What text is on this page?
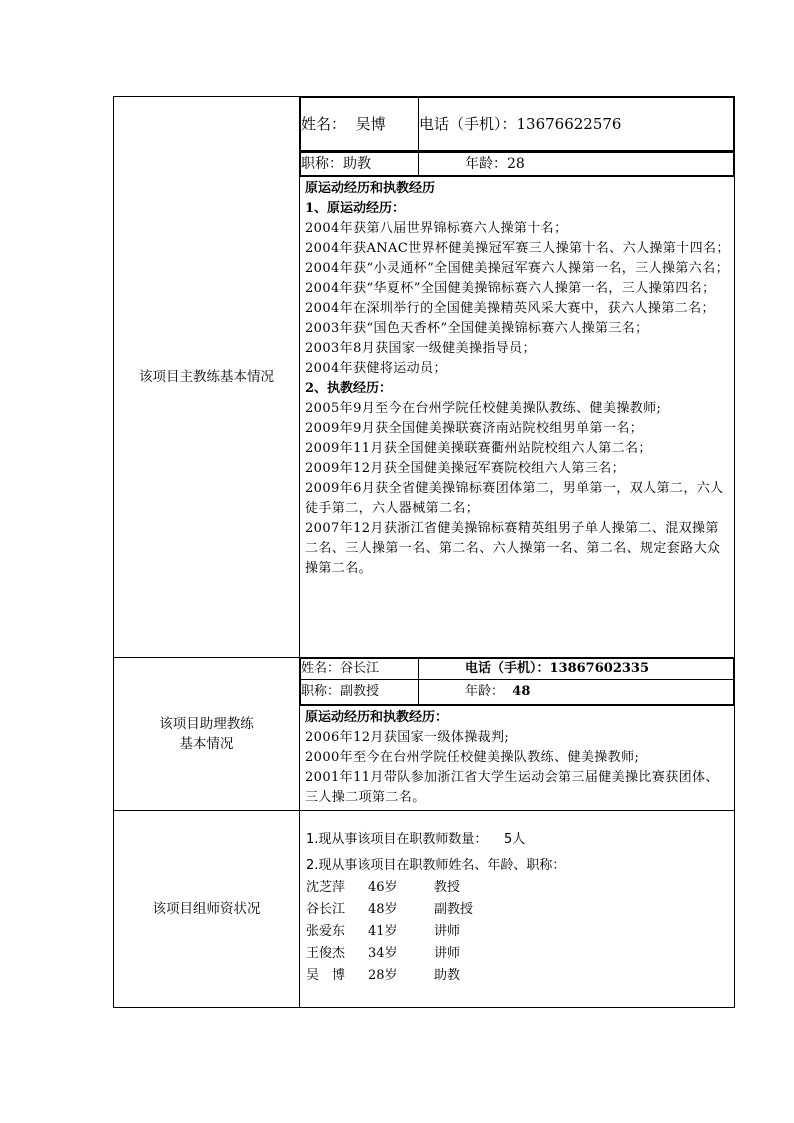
该项目主教练基本情况	
姓名： 吴博	电话（手机）：13676622576

职称：助教	年龄：28

原运动经历和执教经历
1、原运动经历：
2004年获第八届世界锦标赛六人操第十名；
2004年获ANAC世界杯健美操冠军赛三人操第十名、六人操第十四名；
2004年获“小灵通杯”全国健美操冠军赛六人操第一名，三人操第六名；
2004年获“华夏杯”全国健美操锦标赛六人操第一名，三人操第四名；
2004年在深圳举行的全国健美操精英风采大赛中，获六人操第二名；
2003年获“国色天香杯”全国健美操锦标赛六人操第三名；
2003年8月获国家一级健美操指导员；
2004年获健将运动员；
2、执教经历：
2005年9月至今在台州学院任校健美操队教练、健美操教师;
2009年9月获全国健美操联赛济南站院校组男单第一名；
2009年11月获全国健美操联赛衢州站院校组六人第二名；
2009年12月获全国健美操冠军赛院校组六人第三名；
2009年6月获全省健美操锦标赛团体第二，男单第一，双人第二，六人徒手第二，六人器械第二名；
2007年12月获浙江省健美操锦标赛精英组男子单人操第二、混双操第二名、三人操第一名、第二名、六人操第一名、第二名、规定套路大众操第二名。

该项目助理教练
基本情况

姓名：谷长江	电话（手机）：13867602335
职称：副教授	年龄： 48

原运动经历和执教经历：
2006年12月获国家一级体操裁判;
2000年至今在台州学院任校健美操队教练、健美操教师;
2001年11月带队参加浙江省大学生运动会第三届健美操比赛获团体、三人操二项第二名。

该项目组师资状况	
1.现从事该项目在职教师数量： 5人
2.现从事该项目在职教师姓名、年龄、职称：
沈芝萍	46岁	教授
谷长江	48岁	副教授
张爱东	41岁	讲师
王俊杰	34岁	讲师
吴　博	28岁	助教
